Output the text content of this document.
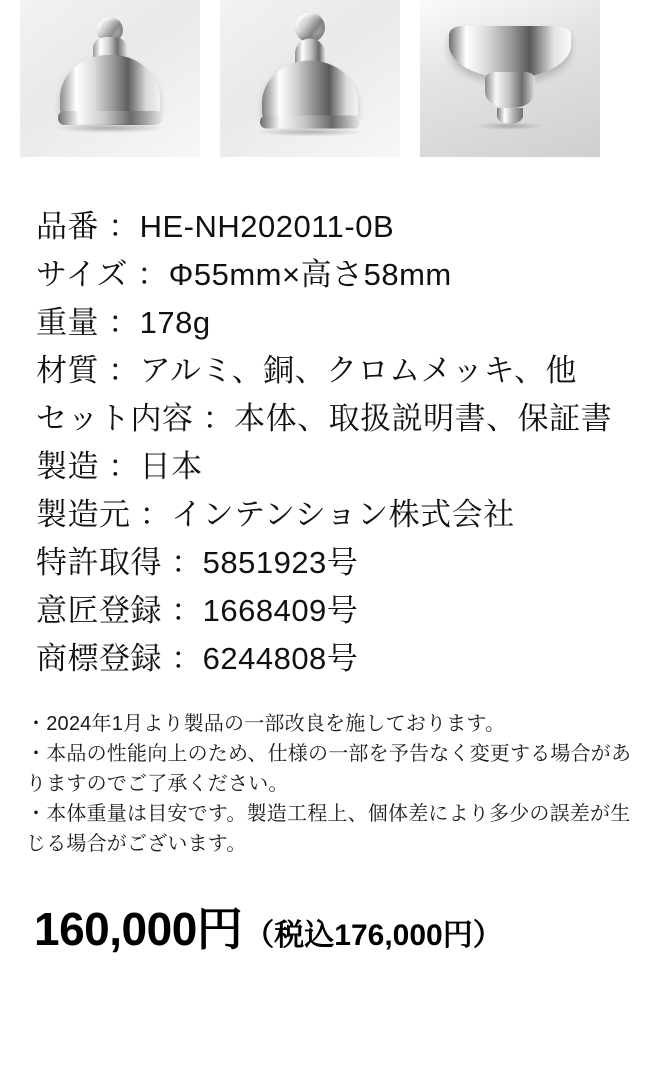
品番 ：HE-NH202011-0B
サイズ ：Φ55mm×高さ58mm
重量 ：178g
材質 ：アルミ、銅、クロムメッキ、他
セット内容 ：本体、取扱説明書、保証書
製造 ：日本
製造元 ：インテンション株式会社
特許取得 ：5851923号
意匠登録 ：1668409号
商標登録 ：6244808号
・2024年1月より製品の一部改良を施しております。
・本品の性能向上のため、仕様の一部を予告なく変更する場合がありますのでご了承ください。
・本体重量は目安です。製造工程上、個体差により多少の誤差が生じる場合がございます。
160,000円 （税込176,000円）
